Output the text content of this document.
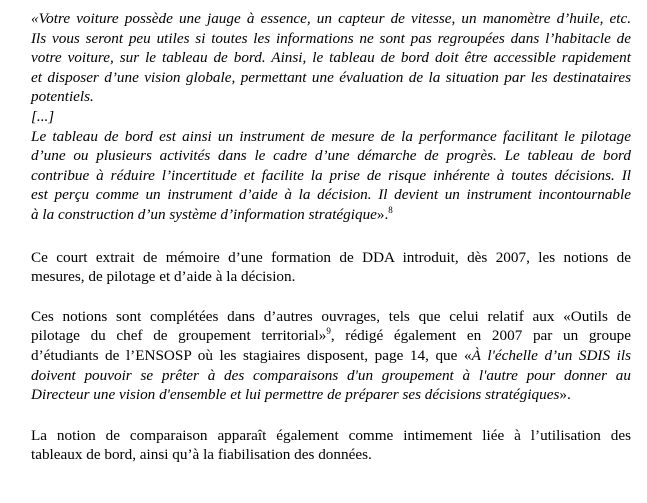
«Votre voiture possède une jauge à essence, un capteur de vitesse, un manomètre d’huile, etc.
Ils vous seront peu utiles si toutes les informations ne sont pas regroupées dans l’habitacle de
votre voiture, sur le tableau de bord. Ainsi, le tableau de bord doit être accessible rapidement
et disposer d’une vision globale, permettant une évaluation de la situation par les destinataires
potentiels.
[...]
Le tableau de bord est ainsi un instrument de mesure de la performance facilitant le pilotage
d’une ou plusieurs activités dans le cadre d’une démarche de progrès. Le tableau de bord
contribue à réduire l’incertitude et facilite la prise de risque inhérente à toutes décisions. Il
est perçu comme un instrument d’aide à la décision. Il devient un instrument incontournable
à la construction d’un système d’information stratégique».$^8$
Ce court extrait de mémoire d’une formation de DDA introduit, dès 2007, les notions de
mesures, de pilotage et d’aide à la décision.
Ces notions sont complétées dans d’autres ouvrages, tels que celui relatif aux «Outils de
pilotage du chef de groupement territorial»$^9$, rédigé également en 2007 par un groupe
d’étudiants de l’ENSOSP où les stagiaires disposent, page 14, que «À l'échelle d’un SDIS ils
doivent pouvoir se prêter à des comparaisons d'un groupement à l'autre pour donner au
Directeur une vision d'ensemble et lui permettre de préparer ses décisions stratégiques».
La notion de comparaison apparaît également comme intimement liée à l’utilisation des
tableaux de bord, ainsi qu’à la fiabilisation des données.
